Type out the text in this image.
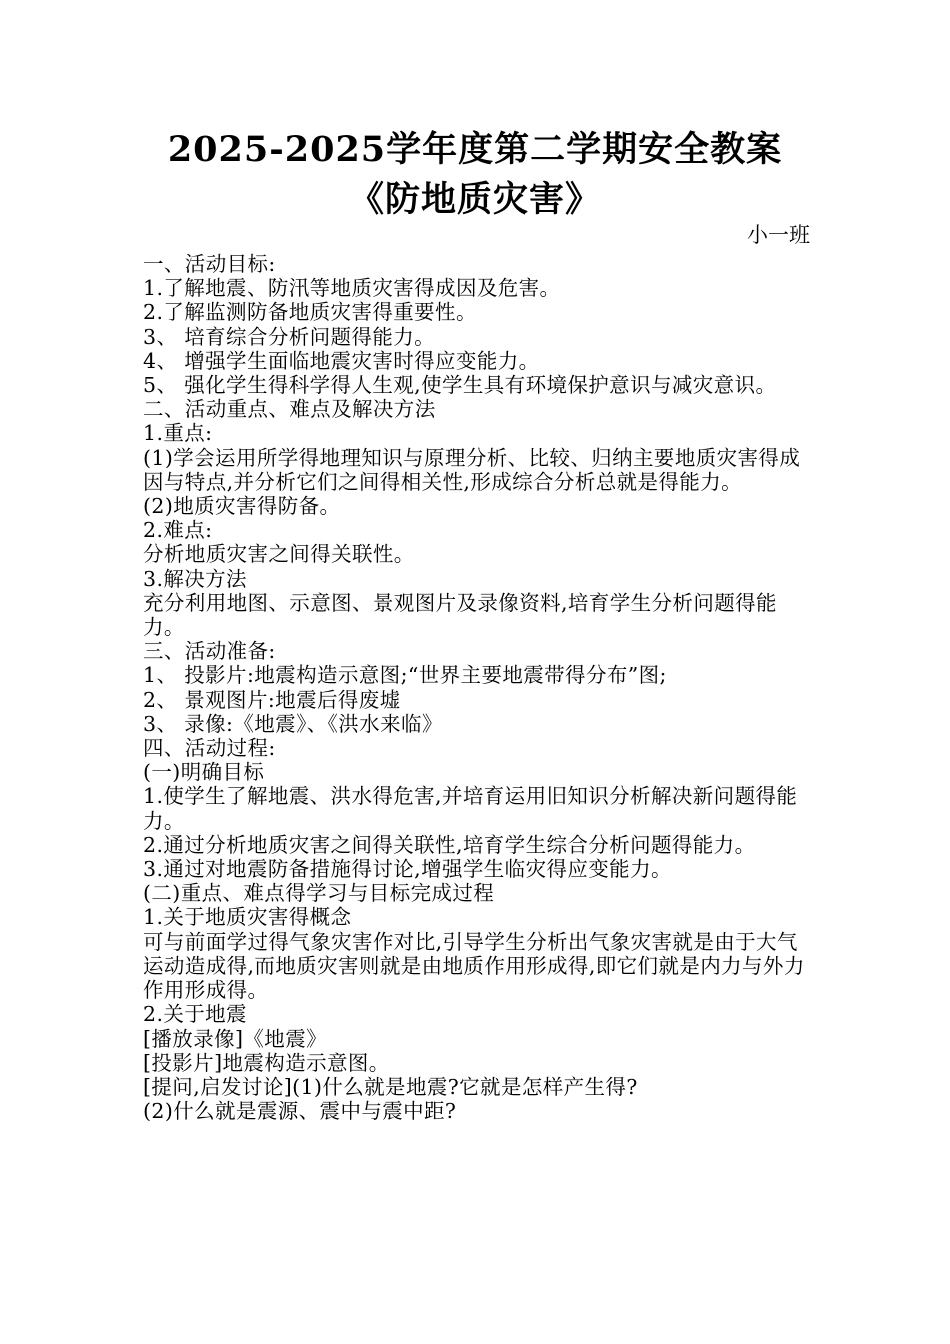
2025-2025学年度第二学期安全教案
《防地质灾害》
小一班
一、活动目标:
1.了解地震、防汛等地质灾害得成因及危害。
2.了解监测防备地质灾害得重要性。
3、 培育综合分析问题得能力。
4、 增强学生面临地震灾害时得应变能力。
5、 强化学生得科学得人生观,使学生具有环境保护意识与减灾意识。
二、活动重点、难点及解决方法
1.重点:
(1)学会运用所学得地理知识与原理分析、比较、归纳主要地质灾害得成因与特点,并分析它们之间得相关性,形成综合分析总就是得能力。
(2)地质灾害得防备。
2.难点:
分析地质灾害之间得关联性。
3.解决方法
充分利用地图、示意图、景观图片及录像资料,培育学生分析问题得能力。
三、活动准备:
1、 投影片:地震构造示意图;“世界主要地震带得分布”图;
2、 景观图片:地震后得废墟
3、 录像:《地震》、《洪水来临》
四、活动过程:
(一)明确目标
1.使学生了解地震、洪水得危害,并培育运用旧知识分析解决新问题得能力。
2.通过分析地质灾害之间得关联性,培育学生综合分析问题得能力。
3.通过对地震防备措施得讨论,增强学生临灾得应变能力。
(二)重点、难点得学习与目标完成过程
1.关于地质灾害得概念
可与前面学过得气象灾害作对比,引导学生分析出气象灾害就是由于大气运动造成得,而地质灾害则就是由地质作用形成得,即它们就是内力与外力作用形成得。
2.关于地震
[播放录像]《地震》
[投影片]地震构造示意图。
[提问,启发讨论](1)什么就是地震?它就是怎样产生得?
(2)什么就是震源、震中与震中距?
